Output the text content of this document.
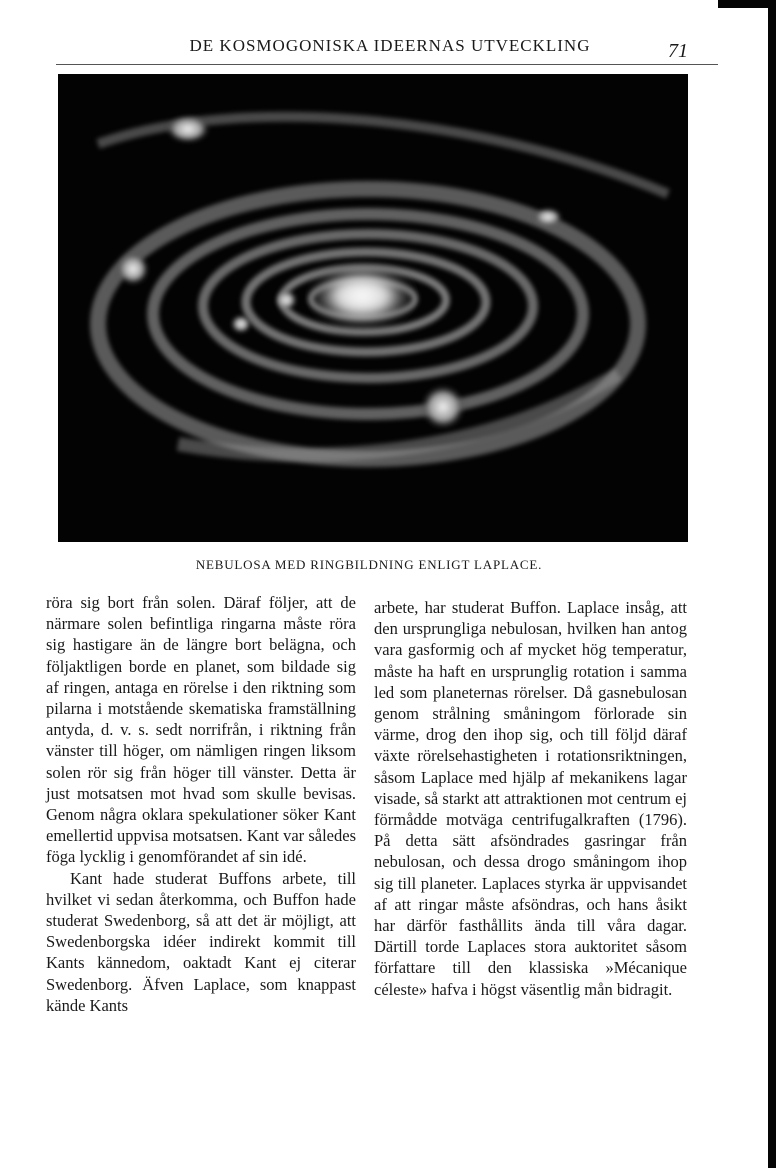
DE KOSMOGONISKA IDEERNAS UTVECKLING	71
NEBULOSA MED RINGBILDNING ENLIGT LAPLACE.

röra sig bort från solen. Däraf följer, att de närmare solen befintliga ringarna måste röra sig hastigare än de längre bort belägna, och följaktligen borde en planet, som bildade sig af ringen, antaga en rörelse i den riktning som pilarna i motstående skematiska framställning antyda, d. v. s. sedt norrifrån, i riktning från vänster till höger, om nämligen ringen liksom solen rör sig från höger till vänster. Detta är just motsatsen mot hvad som skulle bevisas. Genom några oklara spekulationer söker Kant emellertid uppvisa motsatsen. Kant var således föga lycklig i genomförandet af sin idé.

Kant hade studerat Buffons arbete, till hvilket vi sedan återkomma, och Buffon hade studerat Swedenborg, så att det är möjligt, att Swedenborgska idéer indirekt kommit till Kants kännedom, oaktadt Kant ej citerar Swedenborg. Äfven Laplace, som knappast kände Kants

arbete, har studerat Buffon. Laplace insåg, att den ursprungliga nebulosan, hvilken han antog vara gasformig och af mycket hög temperatur, måste ha haft en ursprunglig rotation i samma led som planeternas rörelser. Då gasnebulosan genom strålning småningom förlorade sin värme, drog den ihop sig, och till följd däraf växte rörelsehastigheten i rotationsriktningen, såsom Laplace med hjälp af mekanikens lagar visade, så starkt att attraktionen mot centrum ej förmådde motväga centrifugalkraften (1796). På detta sätt afsöndrades gasringar från nebulosan, och dessa drogo småningom ihop sig till planeter. Laplaces styrka är uppvisandet af att ringar måste afsöndras, och hans åsikt har därför fasthållits ända till våra dagar. Därtill torde Laplaces stora auktoritet såsom författare till den klassiska »Mécanique céleste» hafva i högst väsentlig mån bidragit.
